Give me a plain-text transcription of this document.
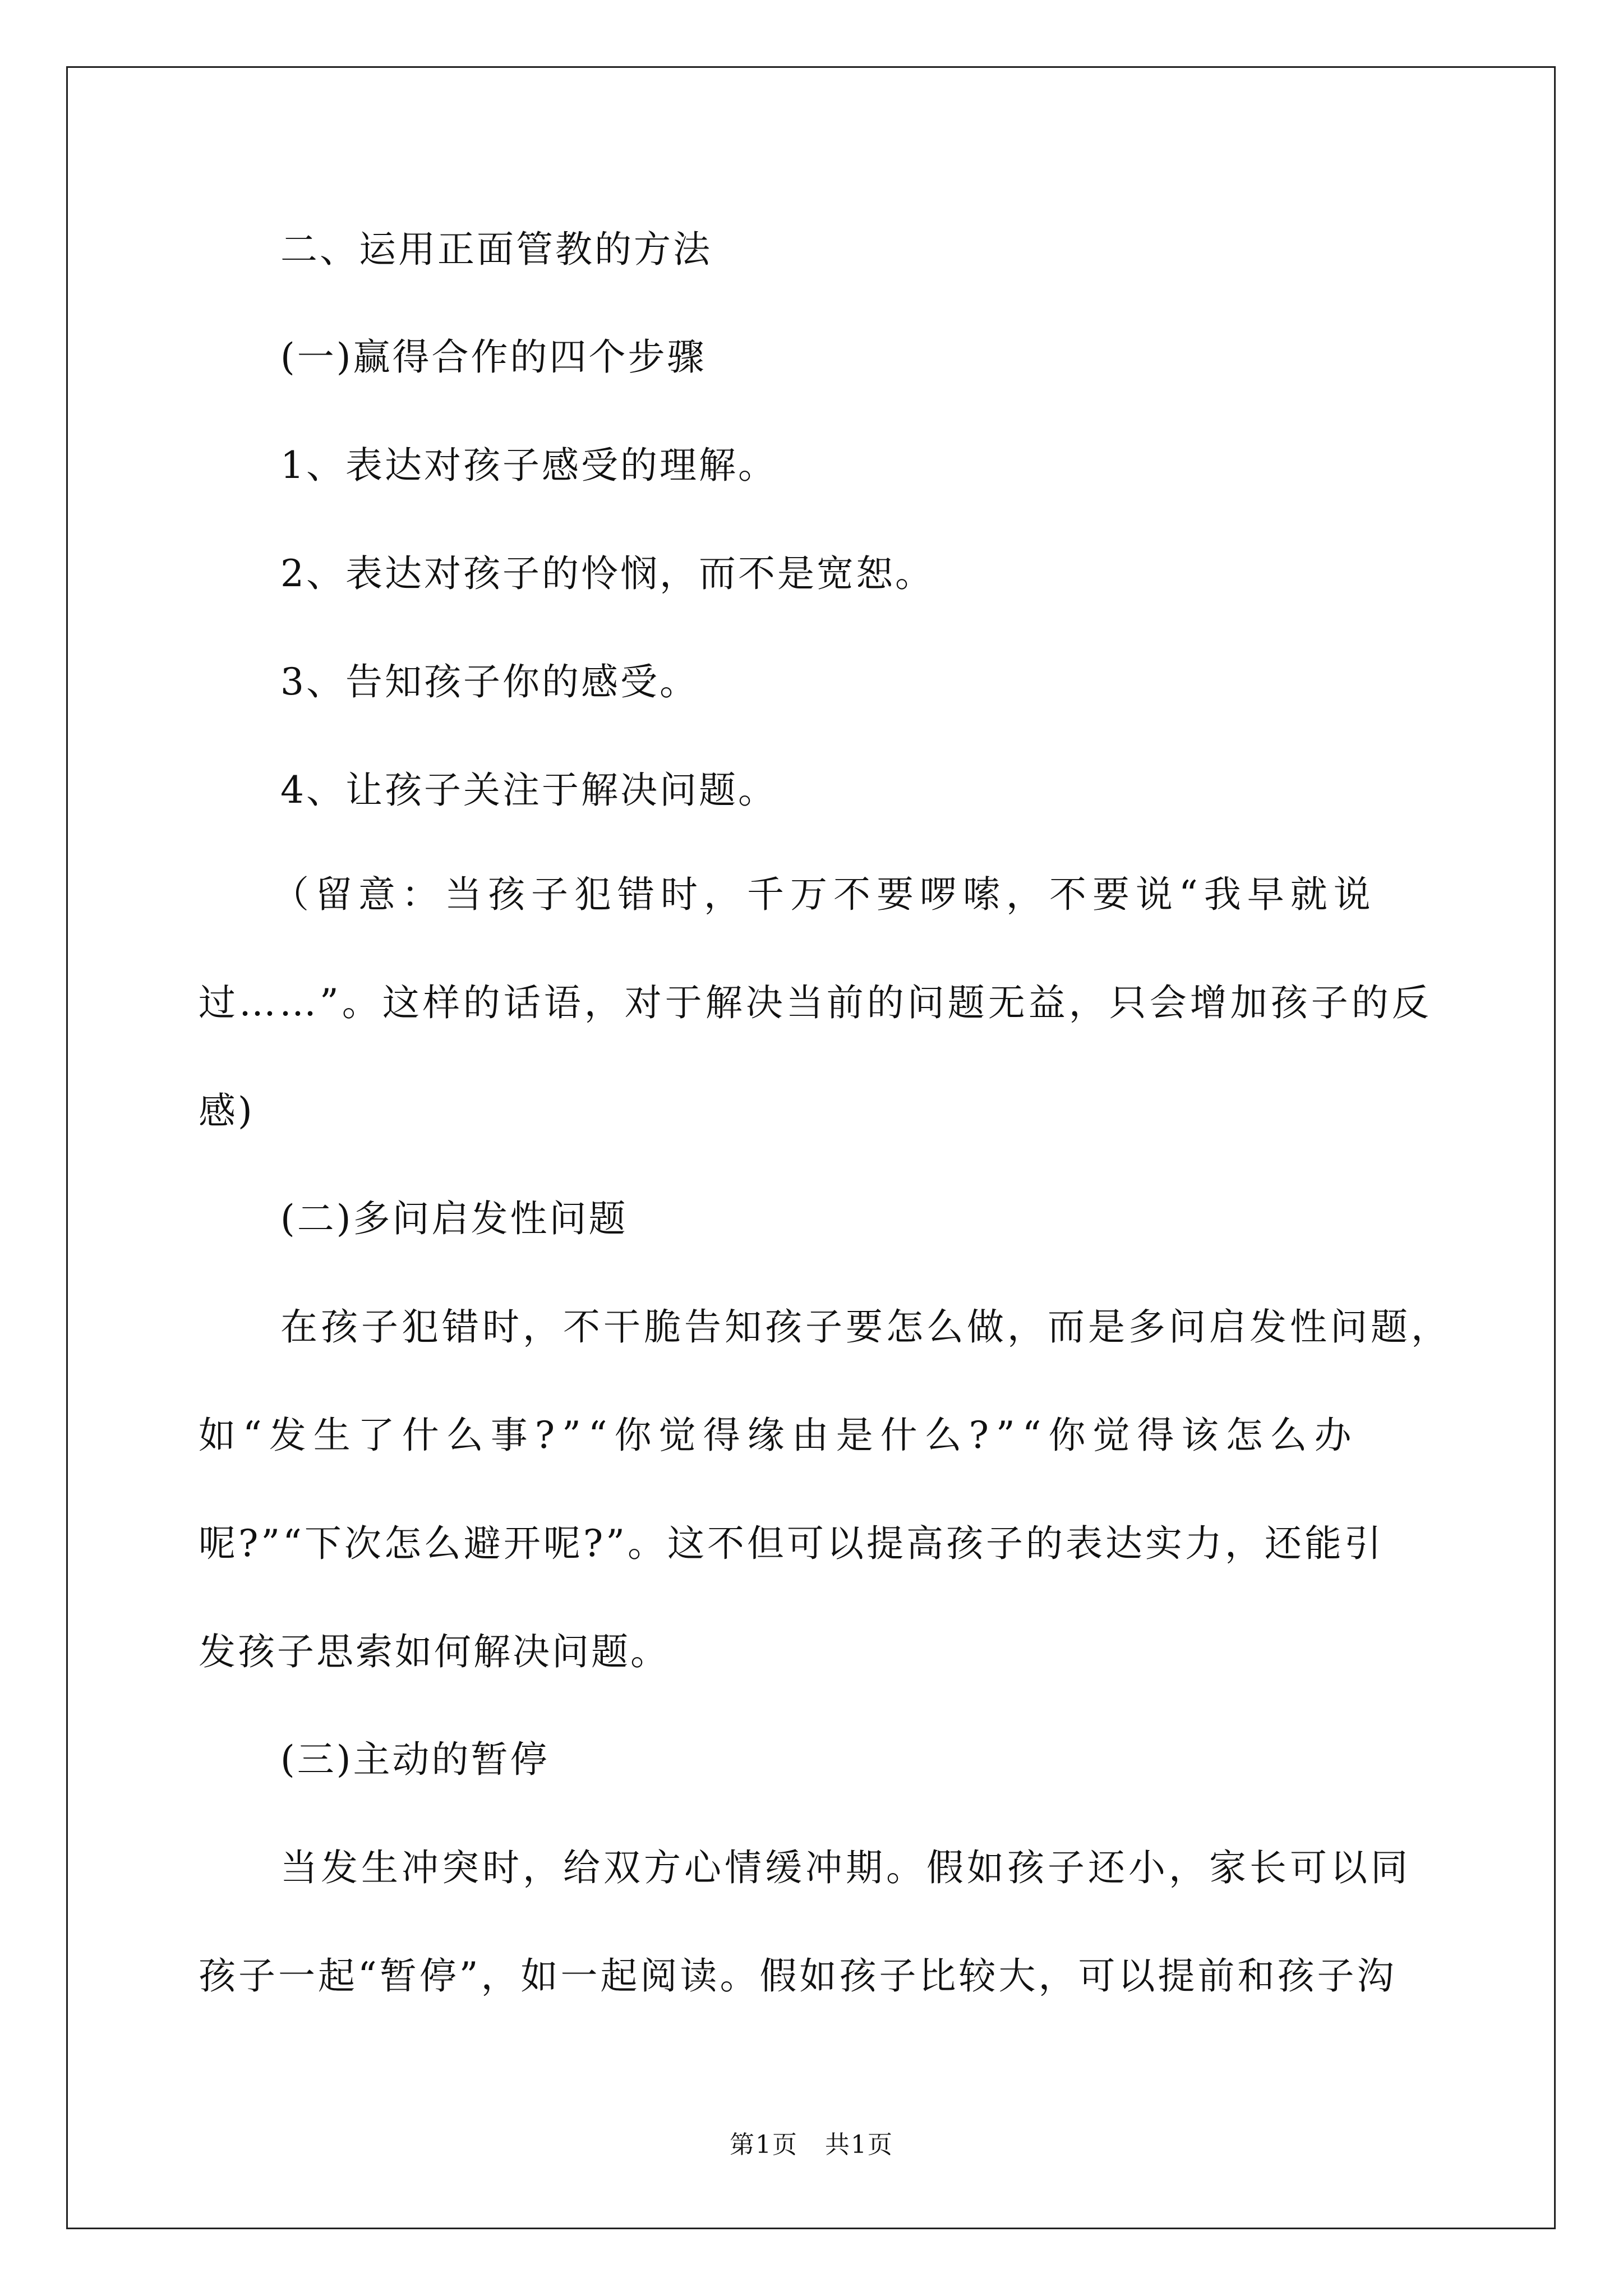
二、运用正面管教的方法
(一)赢得合作的四个步骤
1、表达对孩子感受的理解。
2、表达对孩子的怜悯，而不是宽恕。
3、告知孩子你的感受。
4、让孩子关注于解决问题。
（留意：当孩子犯错时，千万不要啰嗦，不要说“我早就说
过……”。这样的话语，对于解决当前的问题无益，只会增加孩子的反
感)
(二)多问启发性问题
在孩子犯错时，不干脆告知孩子要怎么做，而是多问启发性问题，
如“发生了什么事?”“你觉得缘由是什么?”“你觉得该怎么办
呢?”“下次怎么避开呢?”。这不但可以提高孩子的表达实力，还能引
发孩子思索如何解决问题。
(三)主动的暂停
当发生冲突时，给双方心情缓冲期。假如孩子还小，家长可以同
孩子一起“暂停”，如一起阅读。假如孩子比较大，可以提前和孩子沟
第1页 共1页
